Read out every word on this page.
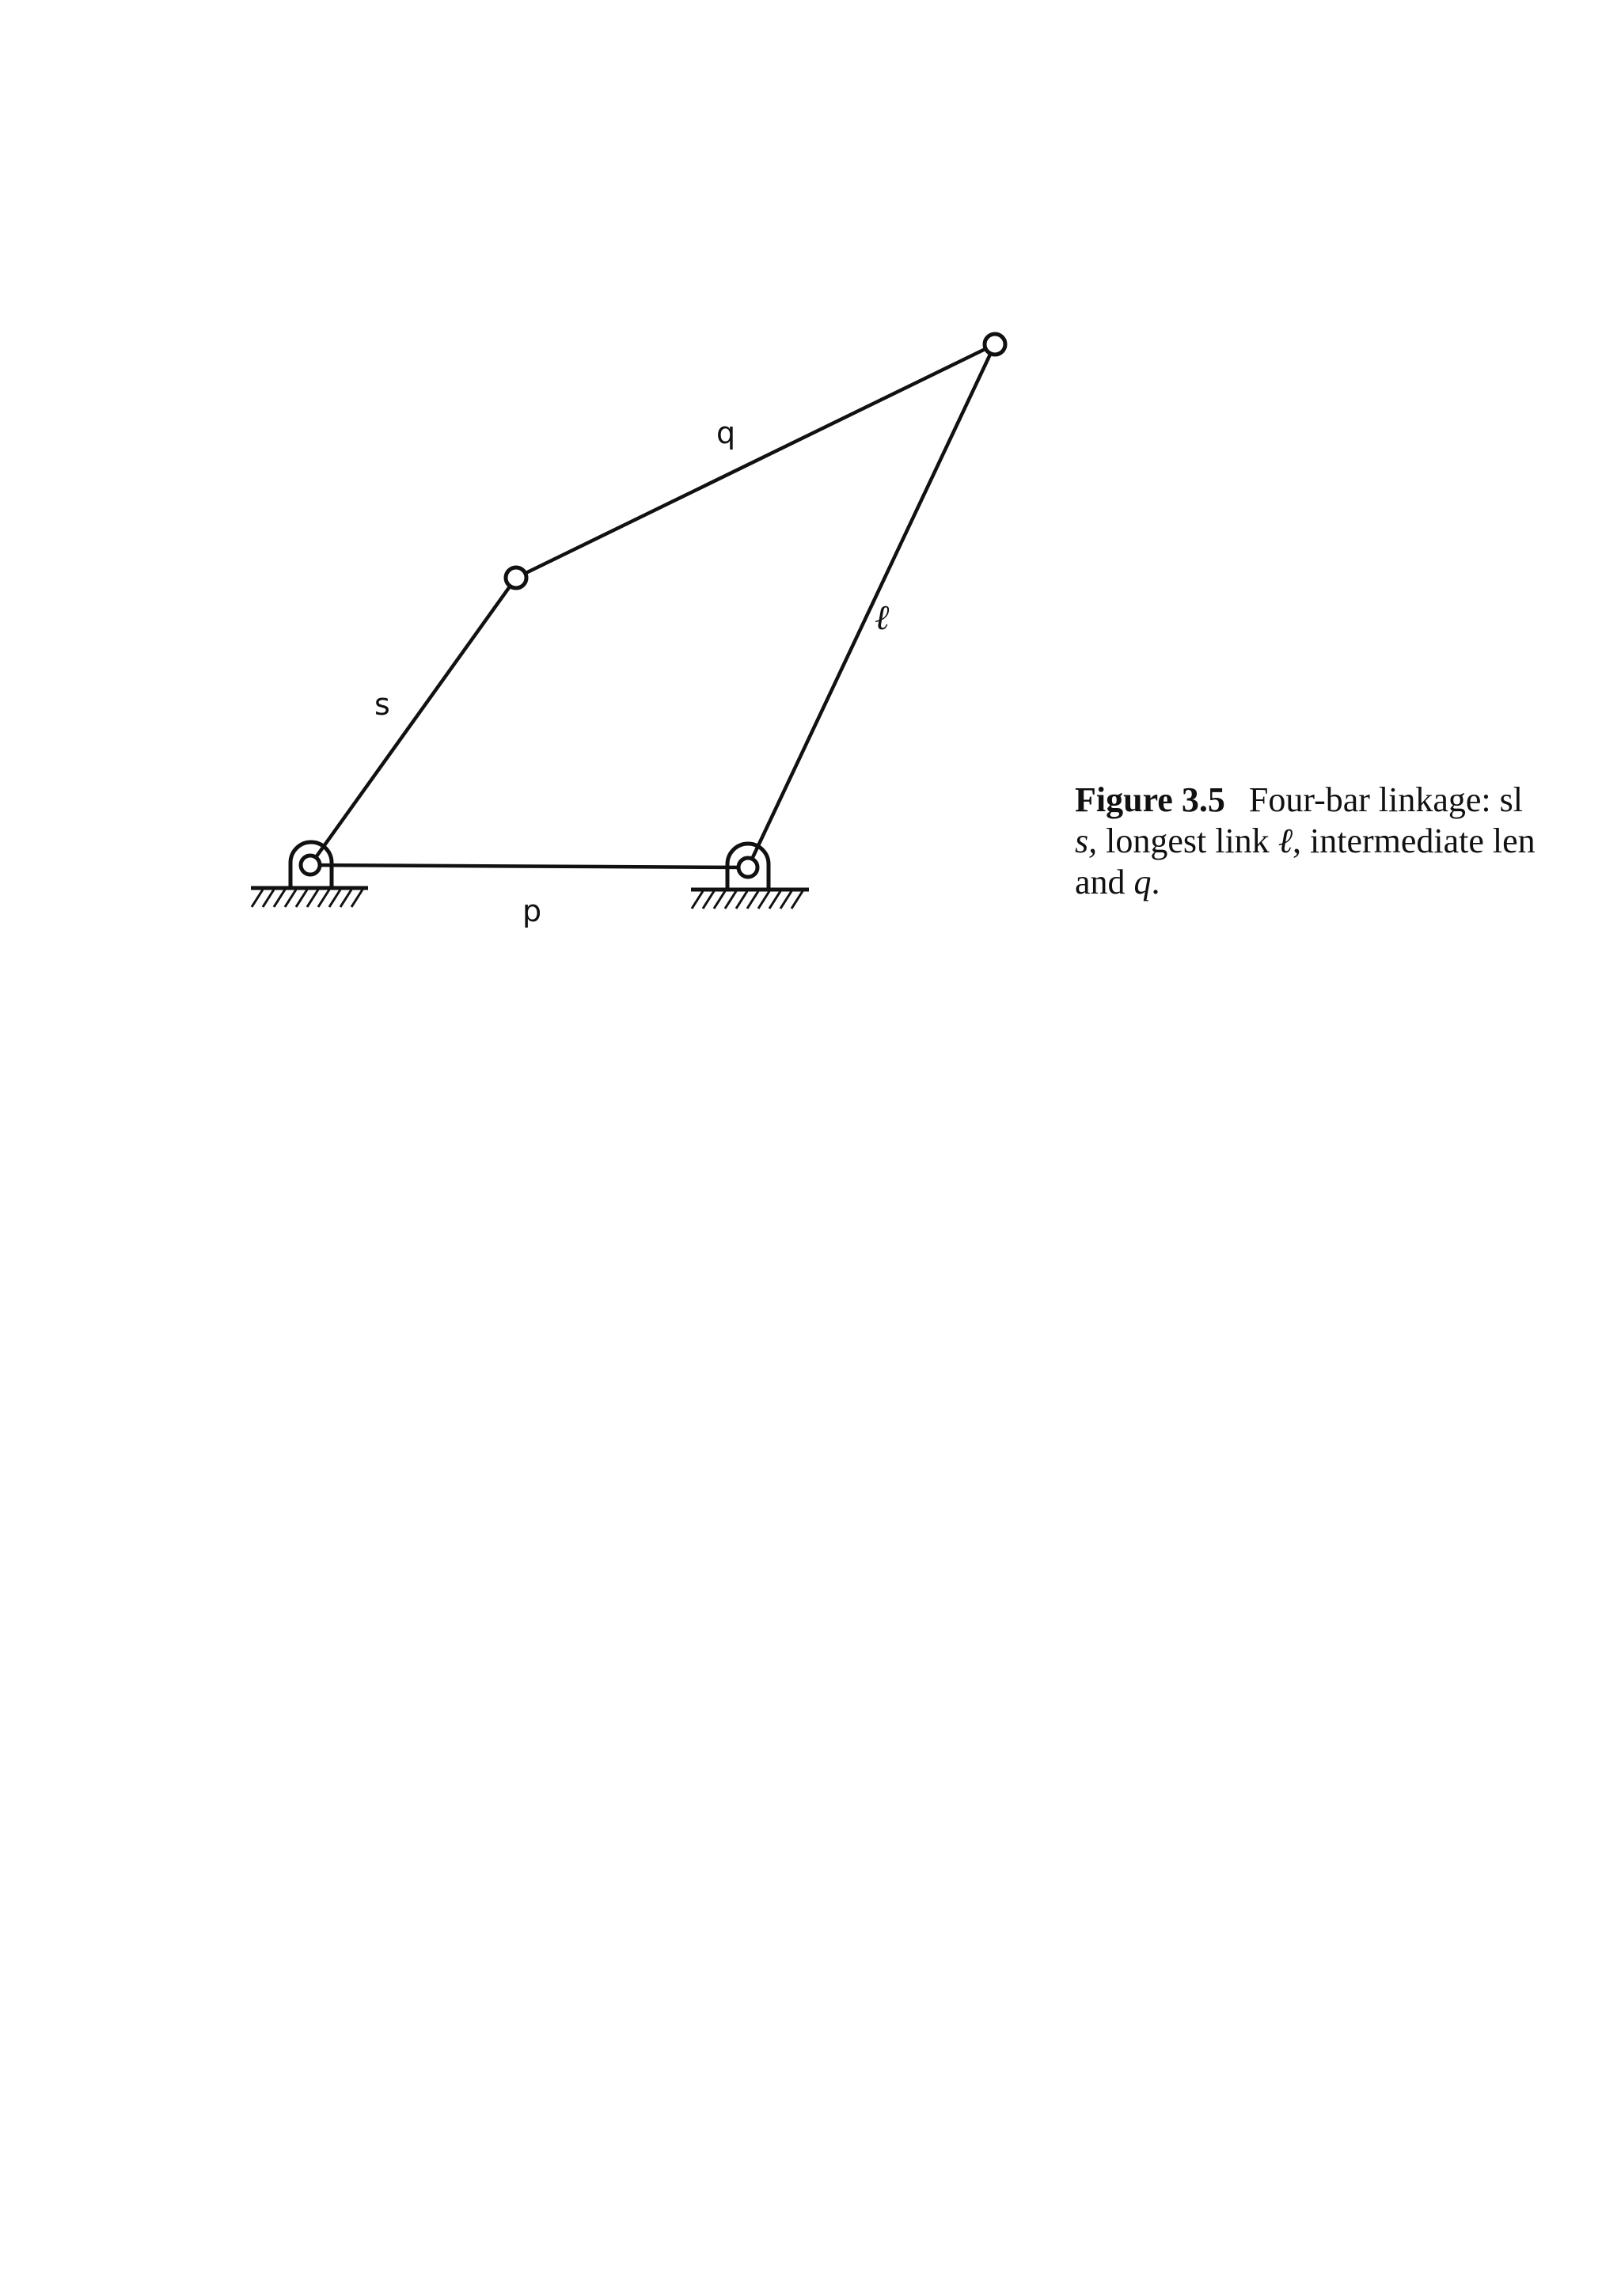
p
q
s
ℓ
Figure 3.5 Four-bar linkage: sl
s, longest link ℓ, intermediate len
and q.
